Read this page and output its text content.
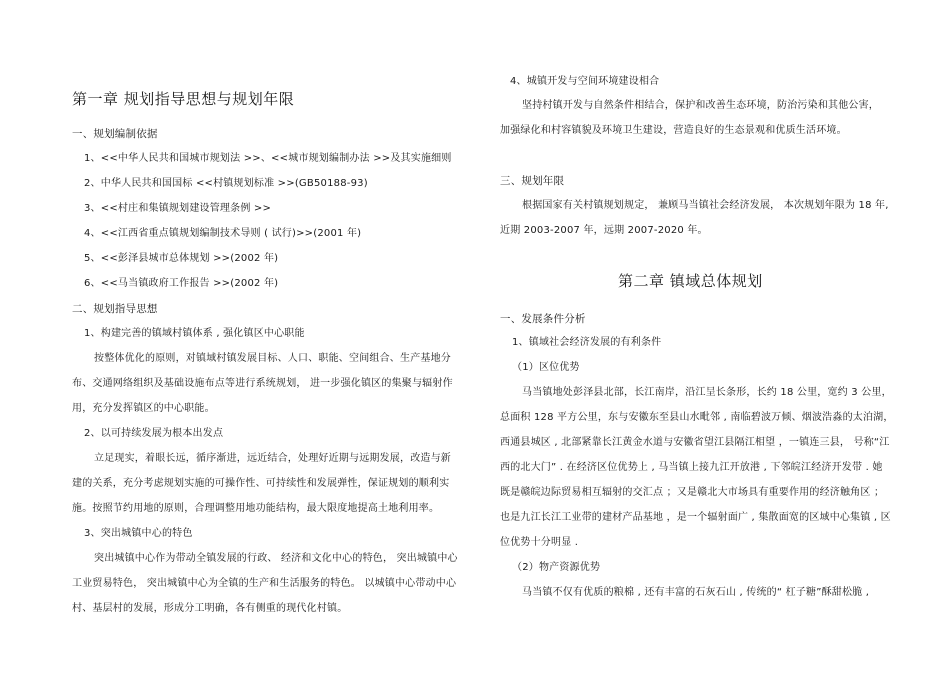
第一章 规划指导思想与规划年限
一、规划编制依据
1、<<中华人民共和国城市规划法 >>、<<城市规划编制办法 >>及其实施细则
2、中华人民共和国国标 <<村镇规划标准 >>(GB50188-93)
3、<<村庄和集镇规划建设管理条例 >>
4、<<江西省重点镇规划编制技术导则 ( 试行)>>(2001 年)
5、<<彭泽县城市总体规划 >>(2002 年)
6、<<马当镇政府工作报告 >>(2002 年)
二、规划指导思想
1、构建完善的镇域村镇体系 , 强化镇区中心职能
按整体优化的原则，对镇域村镇发展目标、人口、职能、空间组合、生产基地分
布、交通网络组织及基础设施布点等进行系统规划， 进一步强化镇区的集聚与辐射作
用，充分发挥镇区的中心职能。
2、以可持续发展为根本出发点
立足现实，着眼长远，循序渐进，远近结合，处理好近期与远期发展，改造与新
建的关系，充分考虑规划实施的可操作性、可持续性和发展弹性，保证规划的顺利实
施。按照节约用地的原则，合理调整用地功能结构，最大限度地提高土地利用率。
3、突出城镇中心的特色
突出城镇中心作为带动全镇发展的行政、 经济和文化中心的特色， 突出城镇中心
工业贸易特色， 突出城镇中心为全镇的生产和生活服务的特色。 以城镇中心带动中心
村、基层村的发展，形成分工明确，各有侧重的现代化村镇。
4、城镇开发与空间环境建设相合
坚持村镇开发与自然条件相结合，保护和改善生态环境，防治污染和其他公害，
加强绿化和村容镇貌及环境卫生建设，营造良好的生态景观和优质生活环境。
三、规划年限
根据国家有关村镇规划规定， 兼顾马当镇社会经济发展， 本次规划年限为 18 年,
近期 2003-2007 年，远期 2007-2020 年。
第二章 镇域总体规划
一、发展条件分析
1、镇域社会经济发展的有利条件
（1）区位优势
马当镇地处彭泽县北部，长江南岸，沿江呈长条形，长约 18 公里，宽约 3 公里，
总面积 128 平方公里，东与安徽东至县山水毗邻 , 南临碧波万倾、烟波浩淼的太泊湖，
西通县城区 , 北部紧靠长江黄金水道与安徽省望江县隔江相望 ，一镇连三县， 号称“江
西的北大门” . 在经济区位优势上 , 马当镇上接九江开放港 , 下邻皖江经济开发带 . 她
既是赣皖边际贸易相互辐射的交汇点 ；又是赣北大市场具有重要作用的经济触角区 ；
也是九江长江工业带的建材产品基地 ，是一个辐射面广 , 集散面宽的区域中心集镇 , 区
位优势十分明显 .
（2）物产资源优势
马当镇不仅有优质的粮棉 , 还有丰富的石灰石山 , 传统的“ 杠子糖”酥甜松脆 ,
